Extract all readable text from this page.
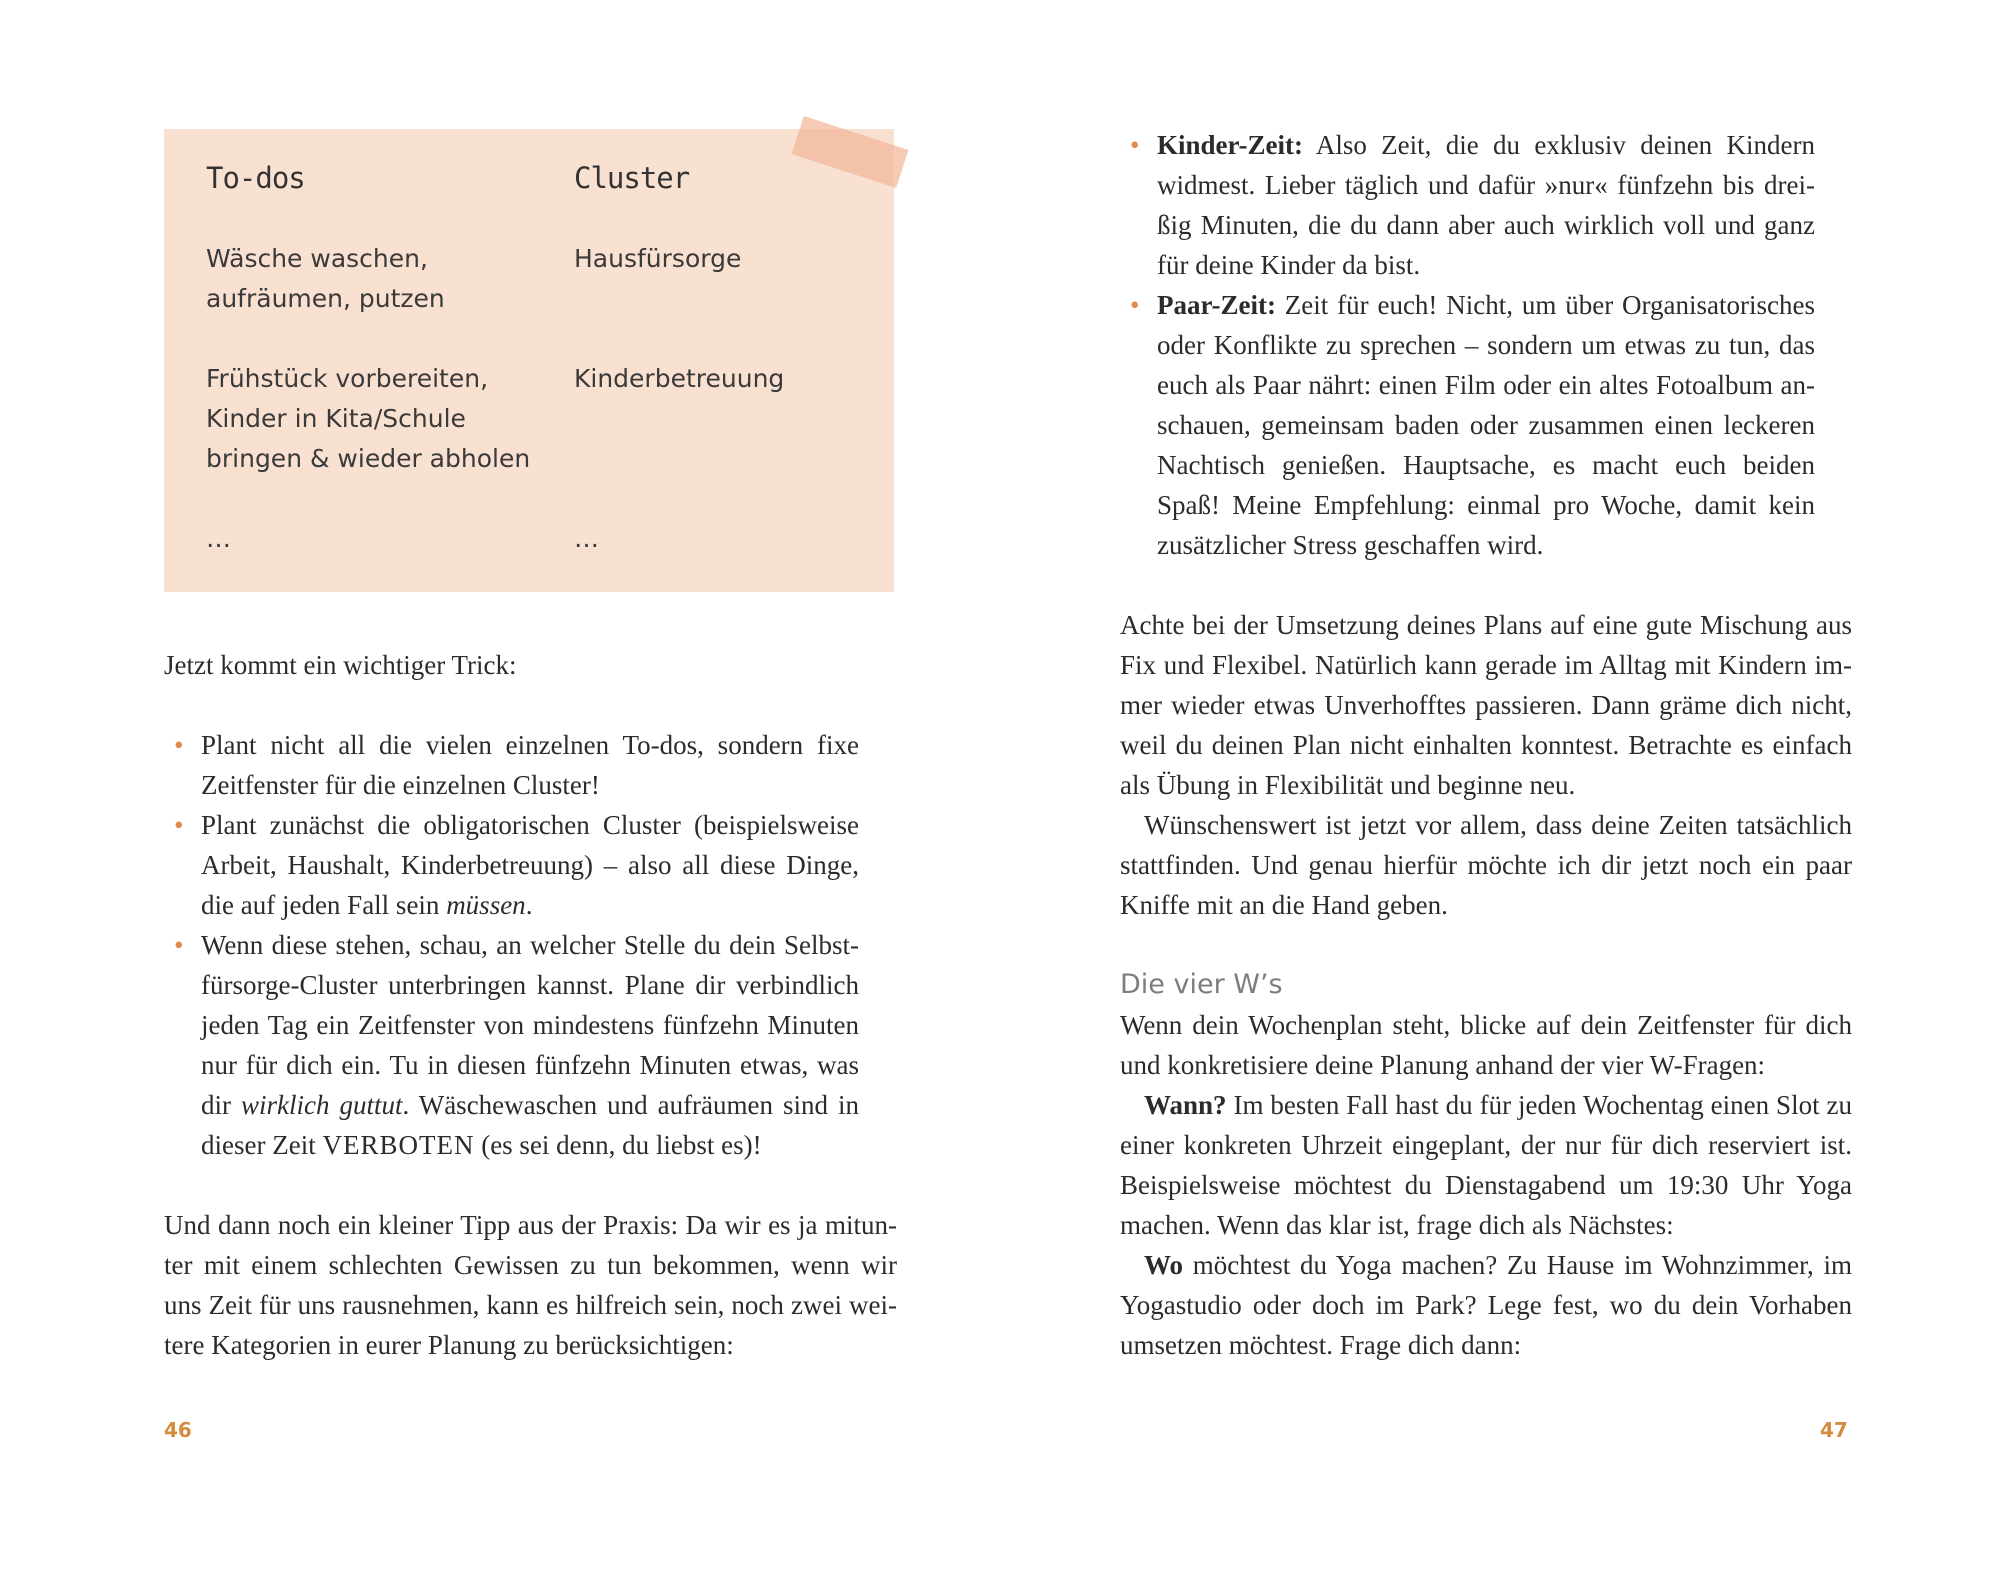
To-dos
Wäsche waschen,
aufräumen, putzen
Frühstück vorbereiten,
Kinder in Kita/Schule
bringen & wieder abholen
…
Cluster
Hausfürsorge
Kinderbetreuung
…

Jetzt kommt ein wichtiger Trick:

• Plant nicht all die vielen einzelnen To-dos, sondern fixe Zeitfenster für die einzelnen Cluster!
• Plant zunächst die obligatorischen Cluster (beispielsweise Arbeit, Haushalt, Kinderbetreuung) – also all diese Dinge, die auf jeden Fall sein müssen.
• Wenn diese stehen, schau, an welcher Stelle du dein Selbstfürsorge-Cluster unterbringen kannst. Plane dir verbindlich jeden Tag ein Zeitfenster von mindestens fünfzehn Minuten nur für dich ein. Tu in diesen fünfzehn Minuten etwas, was dir wirklich guttut. Wäschewaschen und aufräumen sind in dieser Zeit VERBOTEN (es sei denn, du liebst es)!

Und dann noch ein kleiner Tipp aus der Praxis: Da wir es ja mitunter mit einem schlechten Gewissen zu tun bekommen, wenn wir uns Zeit für uns rausnehmen, kann es hilfreich sein, noch zwei weitere Kategorien in eurer Planung zu berücksichtigen:

46
• Kinder-Zeit: Also Zeit, die du exklusiv deinen Kindern widmest. Lieber täglich und dafür »nur« fünfzehn bis dreißig Minuten, die du dann aber auch wirklich voll und ganz für deine Kinder da bist.
• Paar-Zeit: Zeit für euch! Nicht, um über Organisatorisches oder Konflikte zu sprechen – sondern um etwas zu tun, das euch als Paar nährt: einen Film oder ein altes Fotoalbum anschauen, gemeinsam baden oder zusammen einen leckeren Nachtisch genießen. Hauptsache, es macht euch beiden Spaß! Meine Empfehlung: einmal pro Woche, damit kein zusätzlicher Stress geschaffen wird.

Achte bei der Umsetzung deines Plans auf eine gute Mischung aus Fix und Flexibel. Natürlich kann gerade im Alltag mit Kindern immer wieder etwas Unverhofftes passieren. Dann gräme dich nicht, weil du deinen Plan nicht einhalten konntest. Betrachte es einfach als Übung in Flexibilität und beginne neu.

Wünschenswert ist jetzt vor allem, dass deine Zeiten tatsächlich stattfinden. Und genau hierfür möchte ich dir jetzt noch ein paar Kniffe mit an die Hand geben.

Die vier W’s

Wenn dein Wochenplan steht, blicke auf dein Zeitfenster für dich und konkretisiere deine Planung anhand der vier W-Fragen:

Wann? Im besten Fall hast du für jeden Wochentag einen Slot zu einer konkreten Uhrzeit eingeplant, der nur für dich reserviert ist. Beispielsweise möchtest du Dienstagabend um 19:30 Uhr Yoga machen. Wenn das klar ist, frage dich als Nächstes:

Wo möchtest du Yoga machen? Zu Hause im Wohnzimmer, im Yogastudio oder doch im Park? Lege fest, wo du dein Vorhaben umsetzen möchtest. Frage dich dann:

47
